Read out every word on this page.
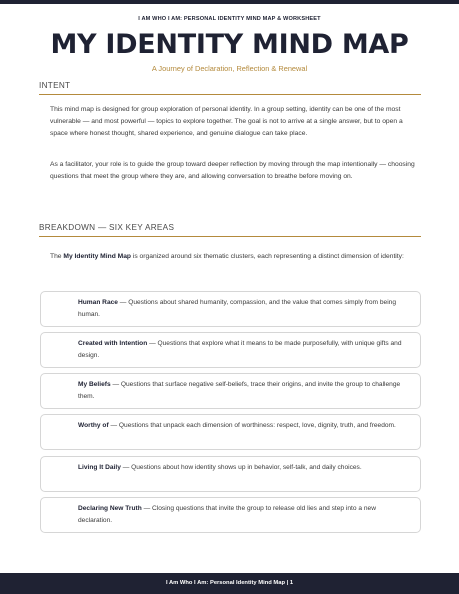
I AM WHO I AM: PERSONAL IDENTITY MIND MAP & WORKSHEET
MY IDENTITY MIND MAP
A Journey of Declaration, Reflection & Renewal
INTENT

This mind map is designed for group exploration of personal identity. In a group setting, identity can be one of the most vulnerable — and most powerful — topics to explore together. The goal is not to arrive at a single answer, but to open a space where honest thought, shared experience, and genuine dialogue can take place.

As a facilitator, your role is to guide the group toward deeper reflection by moving through the map intentionally — choosing questions that meet the group where they are, and allowing conversation to breathe before moving on.

BREAKDOWN — SIX KEY AREAS

The My Identity Mind Map is organized around six thematic clusters, each representing a distinct dimension of identity:

Human Race — Questions about shared humanity, compassion, and the value that comes simply from being human.

Created with Intention — Questions that explore what it means to be made purposefully, with unique gifts and design.

My Beliefs — Questions that surface negative self-beliefs, trace their origins, and invite the group to challenge them.

Worthy of — Questions that unpack each dimension of worthiness: respect, love, dignity, truth, and freedom.

Living It Daily — Questions about how identity shows up in behavior, self-talk, and daily choices.

Declaring New Truth — Closing questions that invite the group to release old lies and step into a new declaration.

I Am Who I Am: Personal Identity Mind Map | 1
